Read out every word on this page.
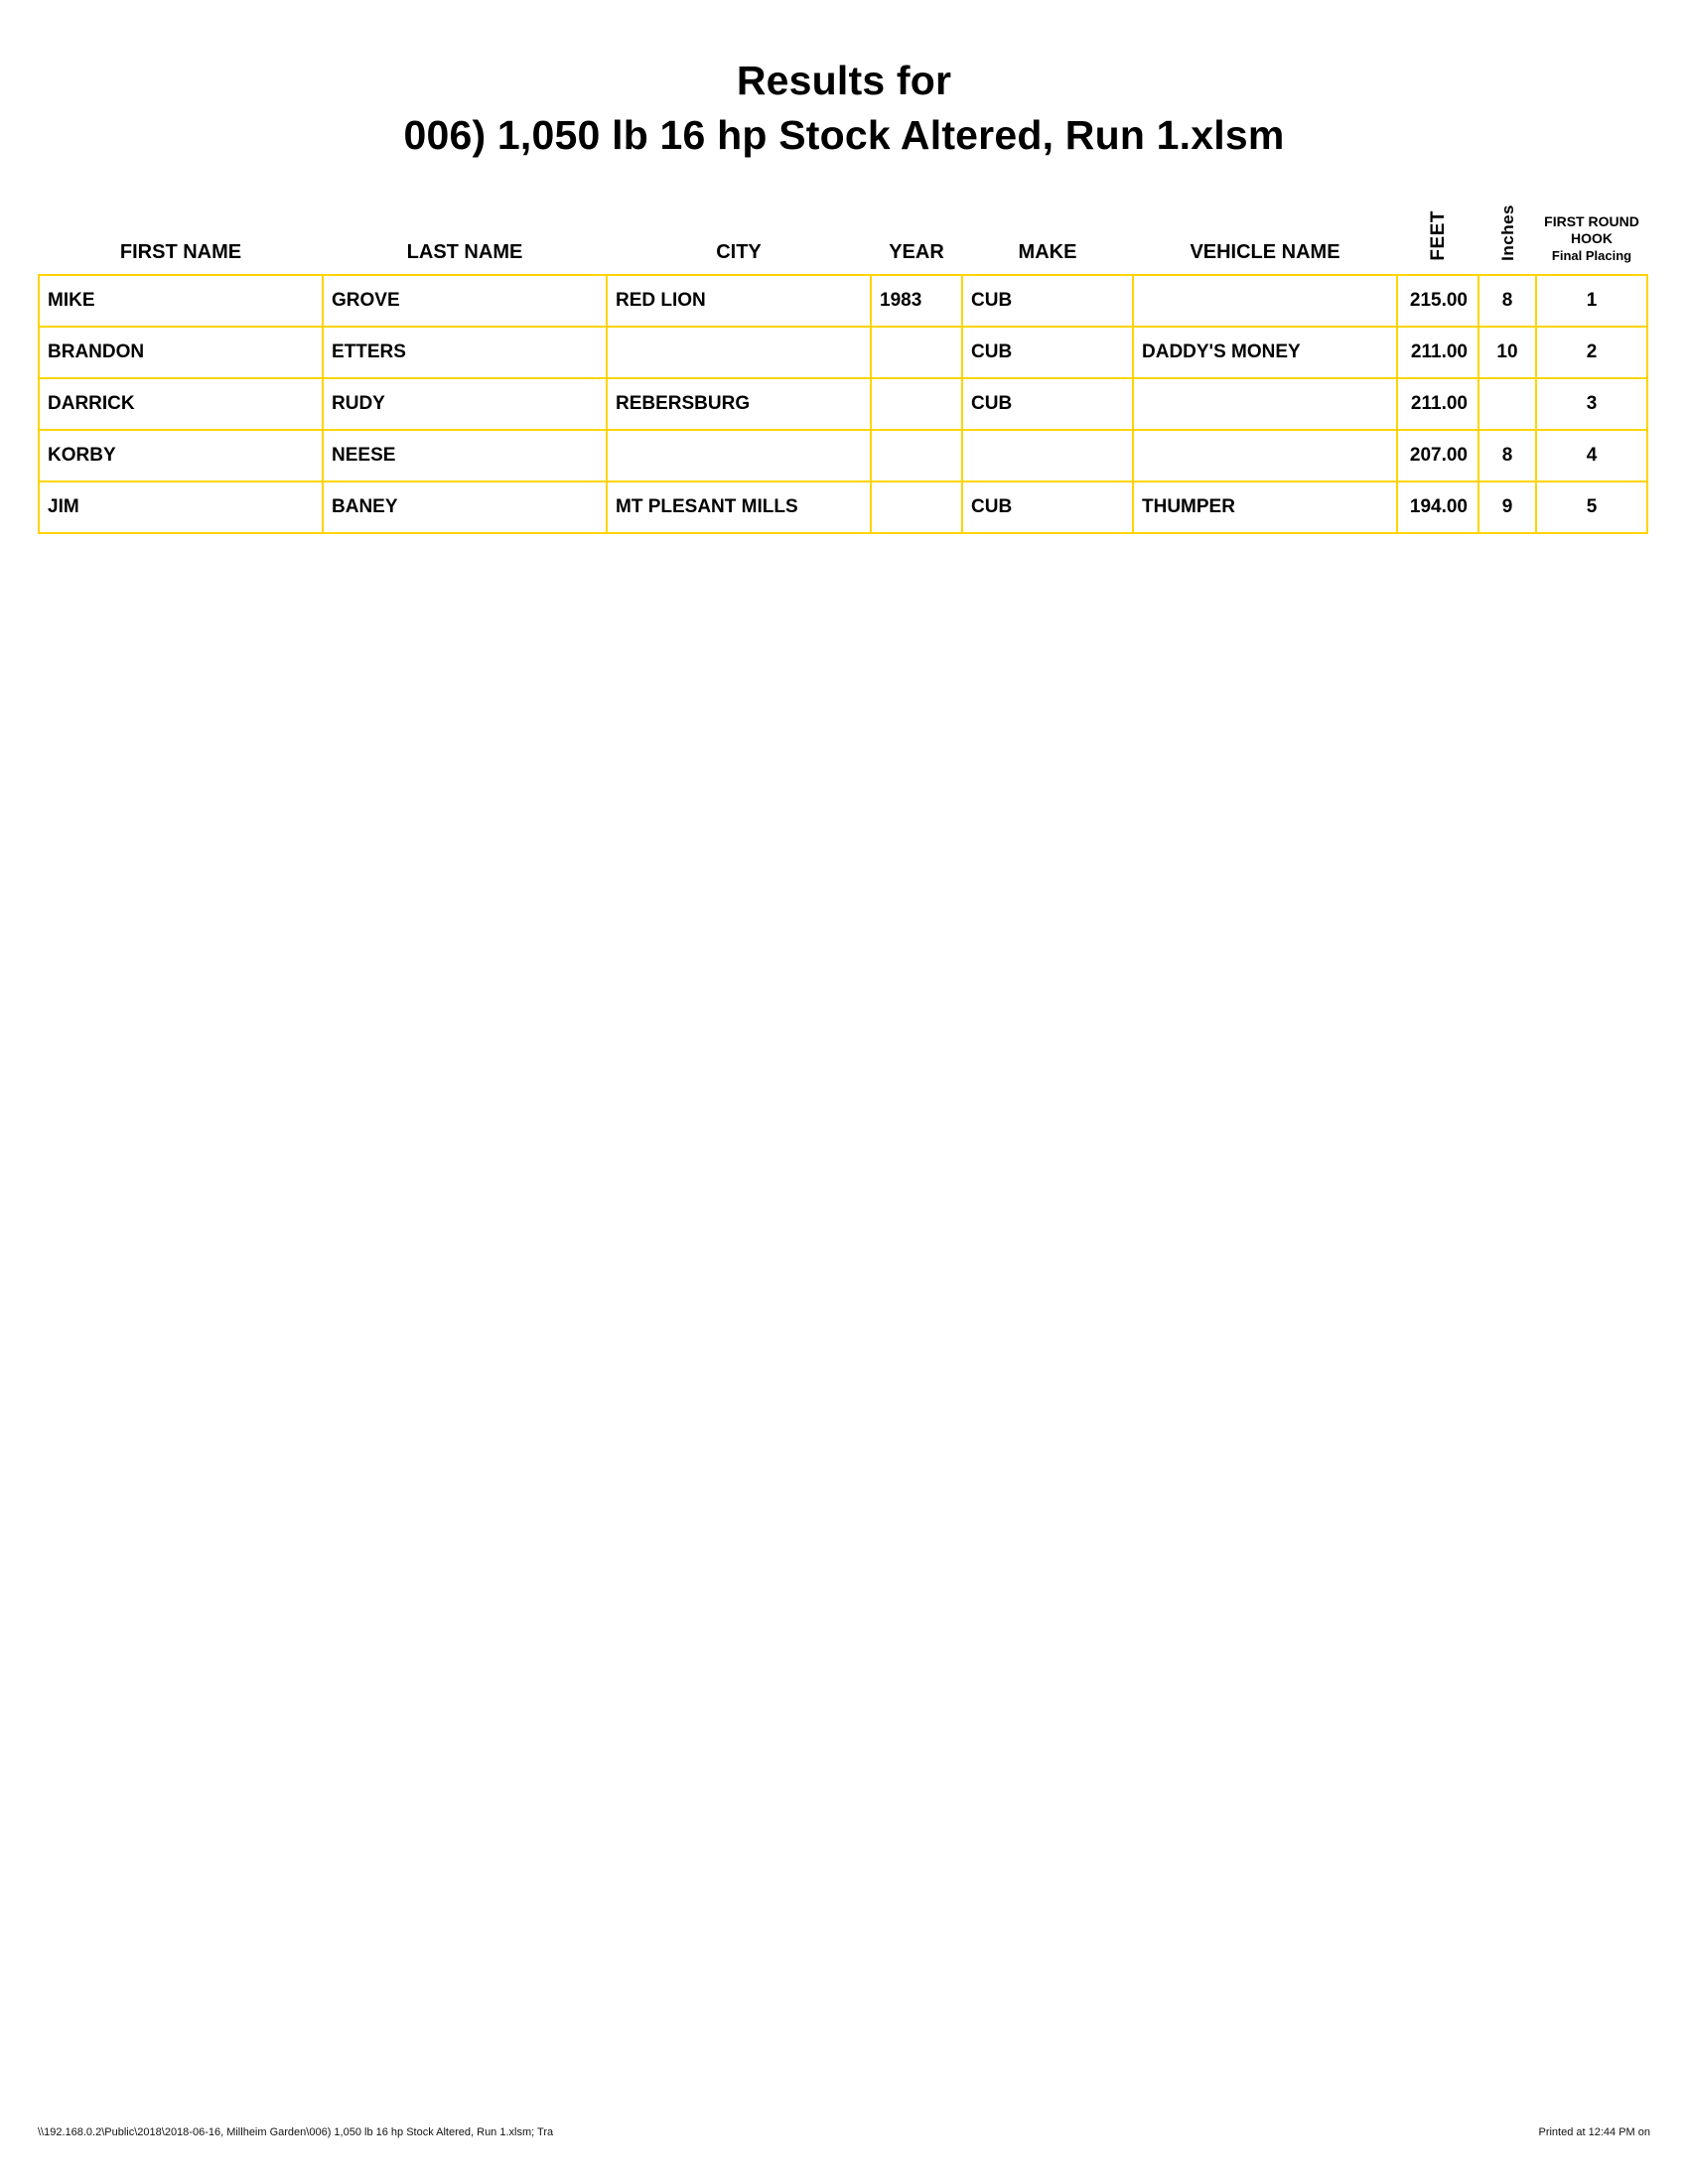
Results for
006) 1,050 lb 16 hp Stock Altered, Run 1.xlsm
FIRST NAME	LAST NAME	CITY	YEAR	MAKE	VEHICLE NAME	FEET	Inches	FIRST ROUND
HOOK
Final Placing

MIKE	GROVE	RED LION	1983	CUB		215.00	8	1
BRANDON	ETTERS			CUB	DADDY'S MONEY	211.00	10	2
DARRICK	RUDY	REBERSBURG		CUB		211.00		3
KORBY	NEESE					207.00	8	4
JIM	BANEY	MT PLESANT MILLS		CUB	THUMPER	194.00	9	5
\\192.168.0.2\Public\2018\2018-06-16, Millheim Garden\006) 1,050 lb 16 hp Stock Altered, Run 1.xlsm; Tra	Printed at 12:44 PM on
